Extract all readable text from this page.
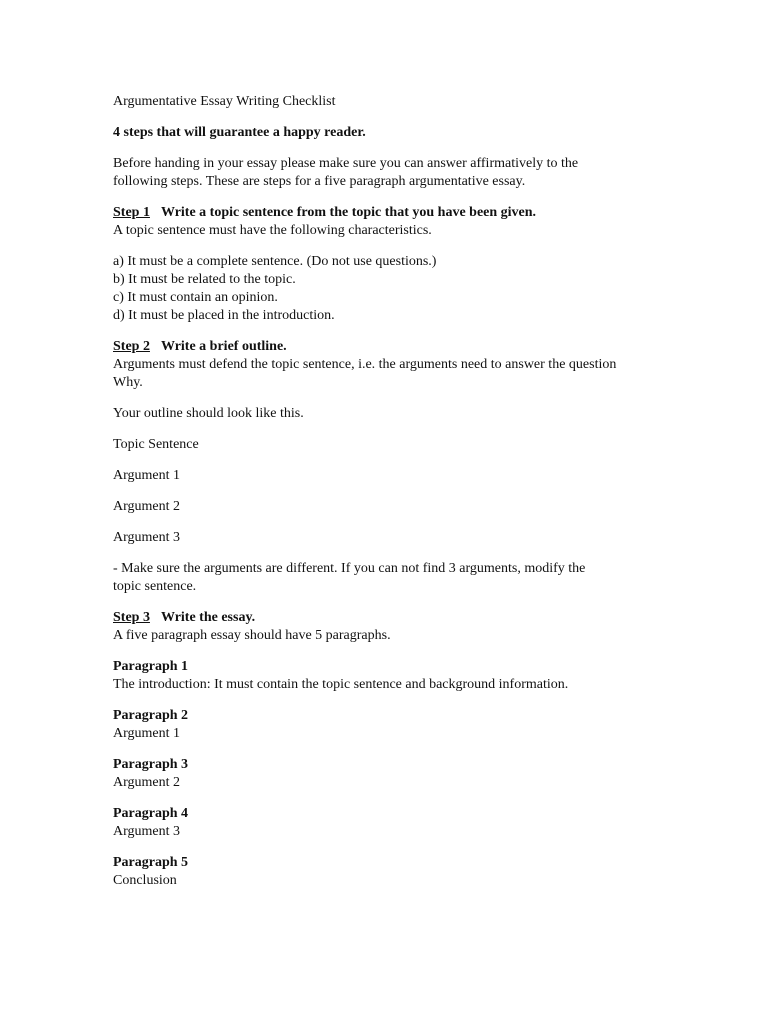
Argumentative Essay Writing Checklist

4 steps that will guarantee a happy reader.

Before handing in your essay please make sure you can answer affirmatively to the
following steps. These are steps for a five paragraph argumentative essay.

Step 1 Write a topic sentence from the topic that you have been given.
A topic sentence must have the following characteristics.

a) It must be a complete sentence. (Do not use questions.)
b) It must be related to the topic.
c) It must contain an opinion.
d) It must be placed in the introduction.

Step 2 Write a brief outline.
Arguments must defend the topic sentence, i.e. the arguments need to answer the question
Why.

Your outline should look like this.

Topic Sentence

Argument 1

Argument 2

Argument 3

- Make sure the arguments are different. If you can not find 3 arguments, modify the
topic sentence.

Step 3 Write the essay.
A five paragraph essay should have 5 paragraphs.

Paragraph 1
The introduction: It must contain the topic sentence and background information.

Paragraph 2
Argument 1

Paragraph 3
Argument 2

Paragraph 4
Argument 3

Paragraph 5
Conclusion
